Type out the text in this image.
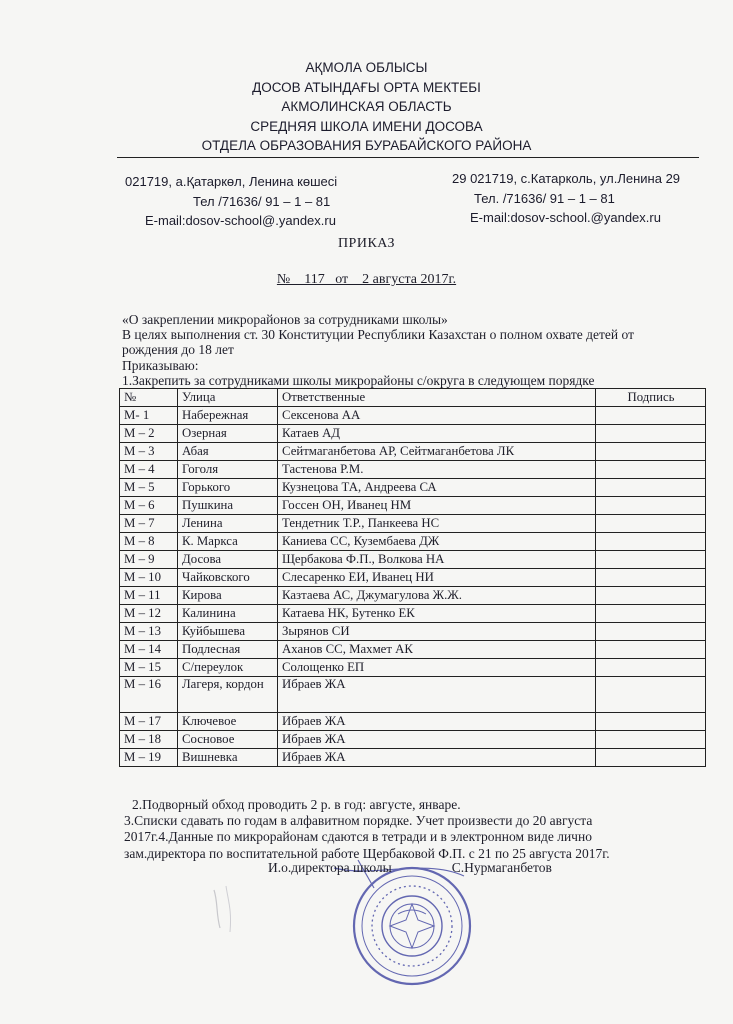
АҚМОЛА ОБЛЫСЫ
ДОСОВ АТЫНДАҒЫ ОРТА МЕКТЕБІ
АКМОЛИНСКАЯ ОБЛАСТЬ
СРЕДНЯЯ ШКОЛА ИМЕНИ ДОСОВА
ОТДЕЛА ОБРАЗОВАНИЯ БУРАБАЙСКОГО РАЙОНА
021719, а.Қатаркөл, Ленина көшесі
Тел /71636/ 91 – 1 – 81
E-mail:dosov-school@.yandex.ru
29 021719, с.Катарколь, ул.Ленина 29
Тел. /71636/ 91 – 1 – 81
E-mail:dosov-school.@yandex.ru
ПРИКАЗ
№    117   от    2 августа 2017г.
«О закреплении микрорайонов за сотрудниками школы»
В целях выполнения ст. 30 Конституции Республики Казахстан о полном охвате детей от
рождения до 18 лет
Приказываю:
1.Закрепить за сотрудниками школы микрорайоны с/округа в следующем порядке
№	Улица	Ответственные	Подпись
М- 1	Набережная	Сексенова АА	
М – 2	Озерная	Катаев АД	
М – 3	Абая	Сейтмаганбетова АР, Сейтмаганбетова ЛК	
М – 4	Гоголя	Тастенова Р.М.	
М – 5	Горького	Кузнецова ТА, Андреева СА	
М – 6	Пушкина	Госсен ОН, Иванец НМ	
М – 7	Ленина	Тендетник Т.Р., Панкеева НС	
М – 8	К. Маркса	Каниева СС, Кузембаева ДЖ	
М – 9	Досова	Щербакова Ф.П., Волкова НА	
М – 10	Чайковского	Слесаренко ЕИ, Иванец НИ	
М – 11	Кирова	Казтаева АС, Джумагулова Ж.Ж.	
М – 12	Калинина	Катаева НК, Бутенко ЕК	
М – 13	Куйбышева	Зырянов СИ	
М – 14	Подлесная	Аханов СС, Махмет АК	
М – 15	С/переулок	Солощенко ЕП	
М – 16	Лагеря, кордон	Ибраев ЖА	
М – 17	Ключевое	Ибраев ЖА	
М – 18	Сосновое	Ибраев ЖА	
М – 19	Вишневка	Ибраев ЖА	
2.Подворный обход проводить 2 р. в год: августе, январе.
3.Списки сдавать по годам в алфавитном порядке. Учет произвести до 20 августа
2017г.4.Данные по микрорайонам сдаются в тетради и в электронном виде лично
зам.директора по воспитательной работе Щербаковой Ф.П. с 21 по 25 августа 2017г.
И.о.директора школы	С.Нурмаганбетов
